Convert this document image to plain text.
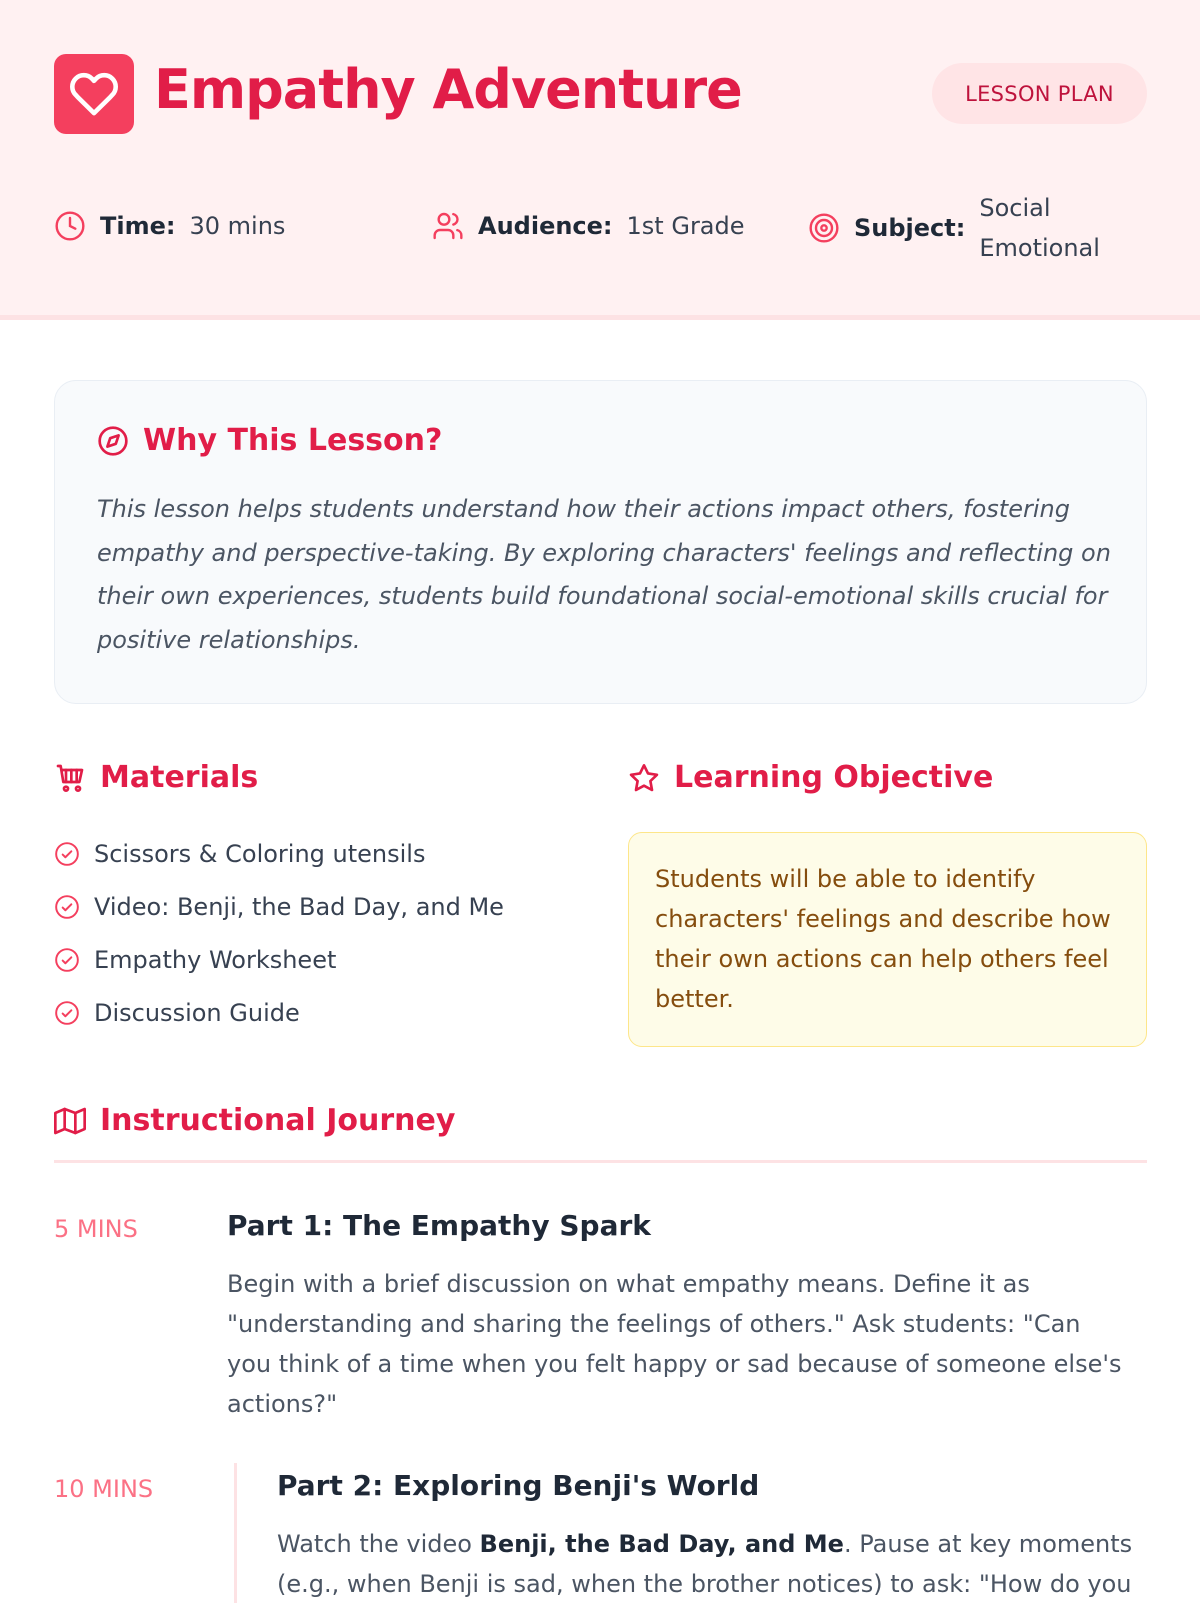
Empathy Adventure	LESSON PLAN
Time: 30 mins	Audience: 1st Grade	Subject:
Social Emotional
Why This Lesson?
This lesson helps students understand how their actions impact others, fostering empathy and perspective-taking. By exploring characters' feelings and reflecting on their own experiences, students build foundational social-emotional skills crucial for positive relationships.
Materials
Scissors & Coloring utensils
Video: Benji, the Bad Day, and Me
Empathy Worksheet
Discussion Guide
Learning Objective
Students will be able to identify characters' feelings and describe how their own actions can help others feel better.
Instructional Journey
5 MINS	Part 1: The Empathy Spark
Begin with a brief discussion on what empathy means. Define it as "understanding and sharing the feelings of others." Ask students: "Can you think of a time when you felt happy or sad because of someone else's actions?"
10 MINS	Part 2: Exploring Benji's World
Watch the video Benji, the Bad Day, and Me. Pause at key moments (e.g., when Benji is sad, when the brother notices) to ask: "How do you
